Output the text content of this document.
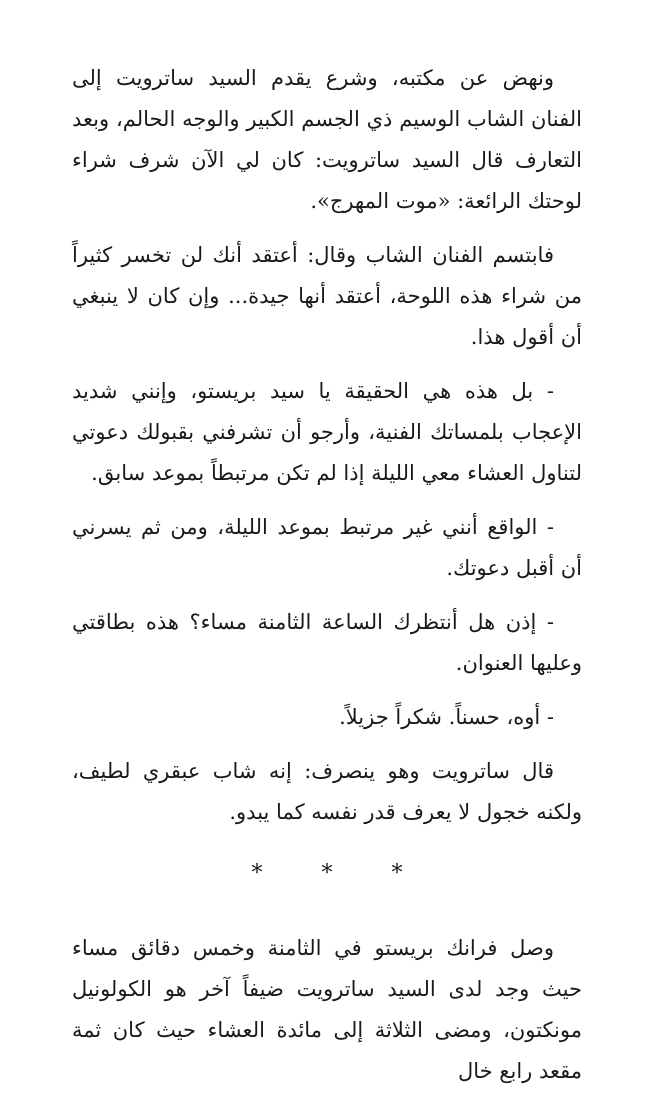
ونهض عن مكتبه، وشرع يقدم السيد ساترويت إلى الفنان الشاب الوسيم ذي الجسم الكبير والوجه الحالم، وبعد التعارف قال السيد ساترويت: كان لي الآن شرف شراء لوحتك الرائعة: «موت المهرج».

فابتسم الفنان الشاب وقال: أعتقد أنك لن تخسر كثيراً من شراء هذه اللوحة، أعتقد أنها جيدة... وإن كان لا ينبغي أن أقول هذا.

- بل هذه هي الحقيقة يا سيد بريستو، وإنني شديد الإعجاب بلمساتك الفنية، وأرجو أن تشرفني بقبولك دعوتي لتناول العشاء معي الليلة إذا لم تكن مرتبطاً بموعد سابق.

- الواقع أنني غير مرتبط بموعد الليلة، ومن ثم يسرني أن أقبل دعوتك.

- إذن هل أنتظرك الساعة الثامنة مساء؟ هذه بطاقتي وعليها العنوان.

- أوه، حسناً. شكراً جزيلاً.

قال ساترويت وهو ينصرف: إنه شاب عبقري لطيف، ولكنه خجول لا يعرف قدر نفسه كما يبدو.

* * *

وصل فرانك بريستو في الثامنة وخمس دقائق مساء حيث وجد لدى السيد ساترويت ضيفاً آخر هو الكولونيل مونكتون، ومضى الثلاثة إلى مائدة العشاء حيث كان ثمة مقعد رابع خال
